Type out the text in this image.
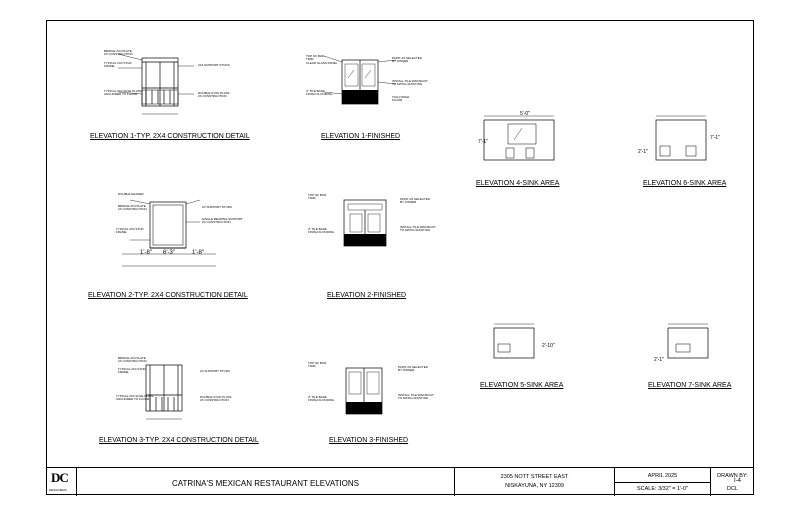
BRIDGE 2X4 PLATE
2X CONSTRUCTION
TYPICAL 2X4 STUD
FRAME	2X4 SUPPORT STUDS
TYPICAL 2X4 SOLE PLATE
ANCHORED TO FLOOR	DOUBLE STUD PLATE
2X CONSTRUCTION
ELEVATION 1-TYP. 2X4 CONSTRUCTION DETAIL
DOUBLE HEADER
BRIDGE 2X4 PLATE
2X CONSTRUCTION
TYPICAL 2X4 STUD
FRAME
2X SUPPORT STUDS
SINGLE BEARING SUPPORT
2X CONSTRUCTION
1'-8" 6'-3"	1'-8"
ELEVATION 2-TYP. 2X4 CONSTRUCTION DETAIL
BRIDGE 2X4 PLATE
2X CONSTRUCTION
TYPICAL 2X4 STUD
FRAME	2X SUPPORT STUDS
TYPICAL 2X4 SOLE PLATE
ANCHORED TO FLOOR
DOUBLE STUD PLATE
2X CONSTRUCTION
ELEVATION 3-TYP. 2X4 CONSTRUCTION DETAIL
TOP OF BAR
TRIM
CLEAR GLASS PANEL
3" TILE BASE
FINISH FLOORING
PAINT AS SELECTED
BY OWNER
INSTALL TILE WAINSCOT
TO MATCH EXISTING
TILE FINISH
FLOOR
ELEVATION 1-FINISHED
TOP OF BAR
TRIM
3" TILE BASE
FINISH FLOORING
PAINT AS SELECTED
BY OWNER
INSTALL TILE WAINSCOT
TO MATCH EXISTING
ELEVATION 2-FINISHED
TOP OF BAR
TRIM
3" TILE BASE
FINISH FLOORING
PAINT AS SELECTED
BY OWNER
INSTALL TILE WAINSCOT
TO MATCH EXISTING
ELEVATION 3-FINISHED
7'-1"
5'-0"
ELEVATION 4-SINK AREA
7'-1"
2'-1"
ELEVATION 6-SINK AREA
2'-10"
ELEVATION 5-SINK AREA
2'-1"
ELEVATION 7-SINK AREA
DC
DESIGNERS
CATRINA'S MEXICAN RESTAURANT ELEVATIONS
2305 NOTT STREET EAST
NISKAYUNA, NY 12309
APRIL 2025
SCALE: 3/32" = 1'-0"
DRAWN BY:
DCL
I-4
